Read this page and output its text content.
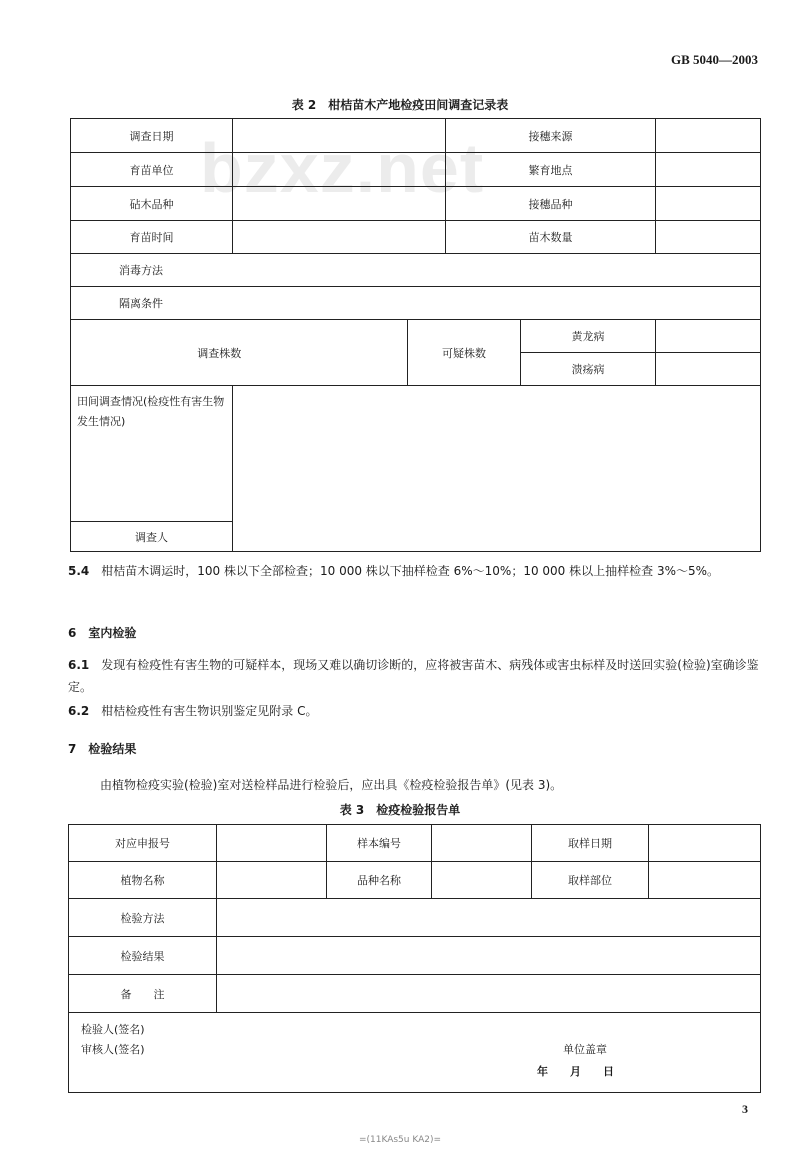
GB 5040—2003
bzxz.net
表 2　柑桔苗木产地检疫田间调查记录表
调查日期				接穗来源		
育苗单位				繁育地点		
砧木品种				接穗品种		
育苗时间				苗木数量		
消毒方法						
隔离条件						
调查株数			可疑株数		黄龙病	
					溃疡病	
田间调查情况(检疫性有害生物发生情况)						
调查人						
5.4　 柑桔苗木调运时，100 株以下全部检查；10 000 株以下抽样检查 6%～10%；10 000 株以上抽样检查 3%～5%。
6　室内检验
6.1　 发现有检疫性有害生物的可疑样本，现场又难以确切诊断的，应将被害苗木、病残体或害虫标样及时送回实验(检验)室确诊鉴定。
6.2　 柑桔检疫性有害生物识别鉴定见附录 C。
7　检验结果
由植物检疫实验(检验)室对送检样品进行检验后，应出具《检疫检验报告单》(见表 3)。
表 3　检疫检验报告单
对应申报号		样本编号		取样日期	
植物名称		品种名称		取样部位	
检验方法					
检验结果					
备　　注					

检验人(签名)
审核人(签名) 单位盖章
年　　月　　日					
3
=(11KAs5u KA2)=
